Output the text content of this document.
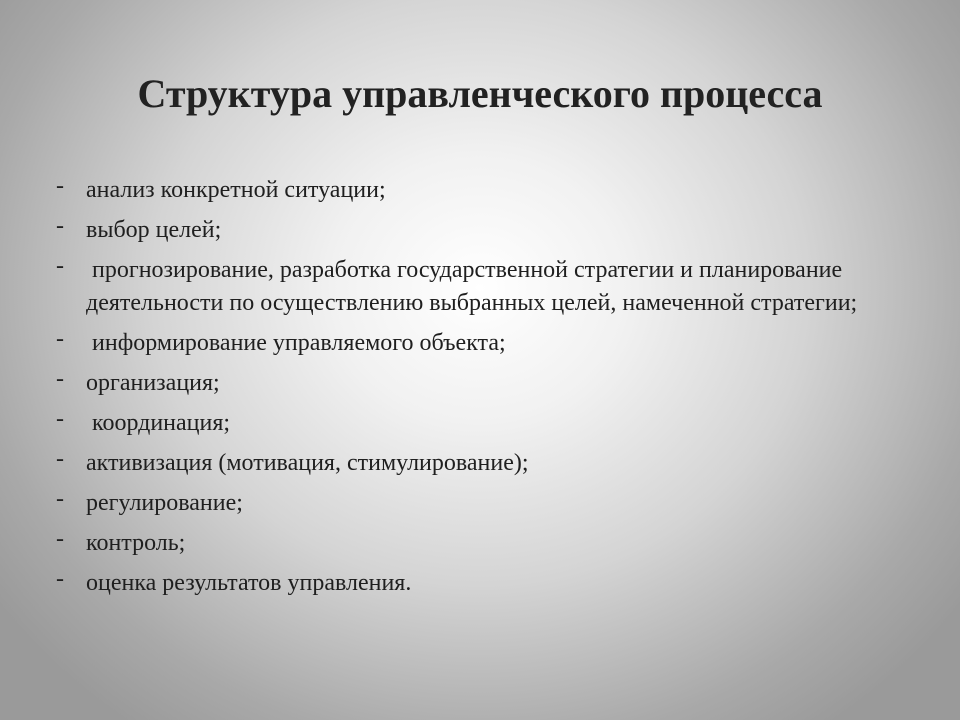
Структура управленческого процесса
- анализ конкретной ситуации;
- выбор целей;
- прогнозирование, разработка государственной стратегии и планирование деятельности по осуществлению выбранных целей, намеченной стратегии;
- информирование управляемого объекта;
- организация;
- координация;
- активизация (мотивация, стимулирование);
- регулирование;
- контроль;
- оценка результатов управления.
